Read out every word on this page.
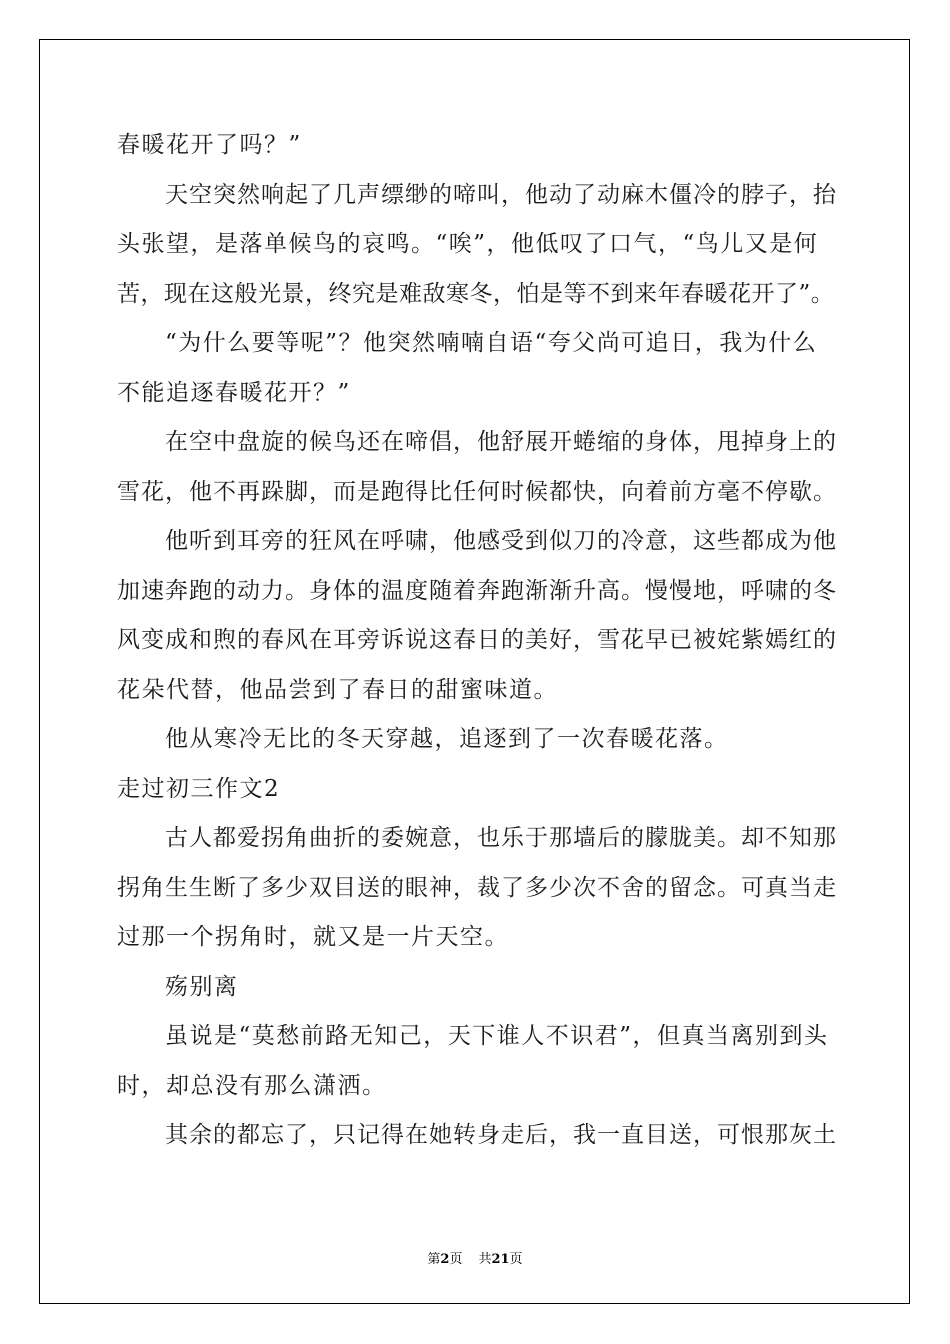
春暖花开了吗？”
天空突然响起了几声缥缈的啼叫，他动了动麻木僵冷的脖子，抬
头张望，是落单候鸟的哀鸣。“唉”，他低叹了口气，“鸟儿又是何
苦，现在这般光景，终究是难敌寒冬，怕是等不到来年春暖花开了”。
“为什么要等呢”？他突然喃喃自语“夸父尚可追日，我为什么
不能追逐春暖花开？”
在空中盘旋的候鸟还在啼倡，他舒展开蜷缩的身体，甩掉身上的
雪花，他不再跺脚，而是跑得比任何时候都快，向着前方毫不停歇。
他听到耳旁的狂风在呼啸，他感受到似刀的冷意，这些都成为他
加速奔跑的动力。身体的温度随着奔跑渐渐升高。慢慢地，呼啸的冬
风变成和煦的春风在耳旁诉说这春日的美好，雪花早已被姹紫嫣红的
花朵代替，他品尝到了春日的甜蜜味道。
他从寒冷无比的冬天穿越，追逐到了一次春暖花落。
走过初三作文2
古人都爱拐角曲折的委婉意，也乐于那墙后的朦胧美。却不知那
拐角生生断了多少双目送的眼神，裁了多少次不舍的留念。可真当走
过那一个拐角时，就又是一片天空。
殇别离
虽说是“莫愁前路无知己，天下谁人不识君”，但真当离别到头
时，却总没有那么潇洒。
其余的都忘了，只记得在她转身走后，我一直目送，可恨那灰土
第2页 共21页
